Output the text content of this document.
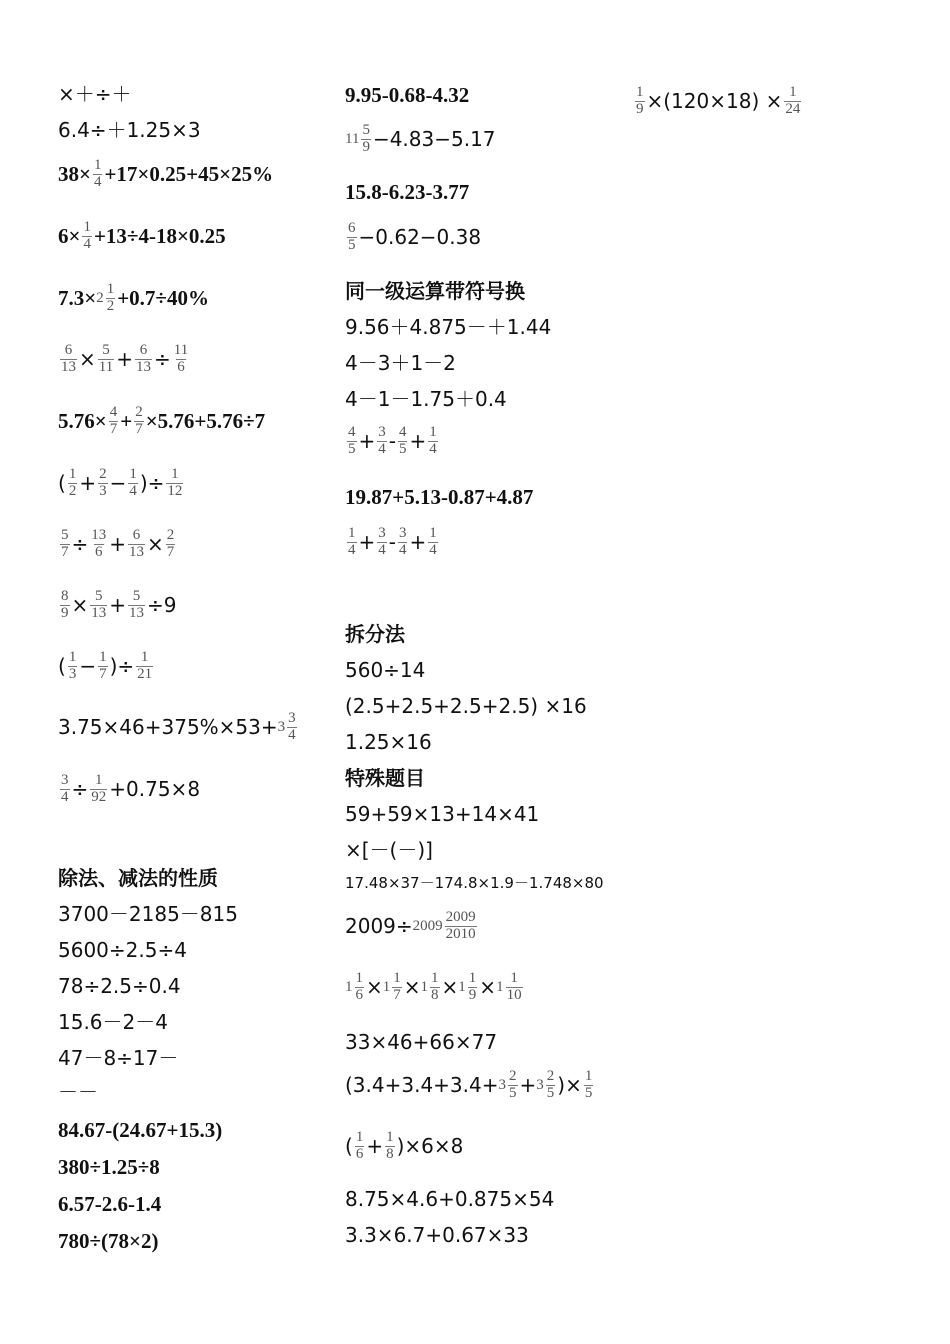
×＋÷＋
6.4÷＋1.25×3
$38\times \frac{1}{4} +17\times 0.25+45\times 25\%$
$6\times \frac{1}{4} +13\div 4-18\times 0.25$
$7.3\times 2 \frac{1}{2} +0.7\div 40\%$
$\frac{6}{13} \times \frac{5}{11} + \frac{6}{13} \div \frac{11}{6}$
$5.76\times \frac{4}{7} + \frac{2}{7} \times 5.76+5.76\div 7$
( $\frac{1}{2} + \frac{2}{3} - \frac{1}{4}$ )÷ $\frac{1}{12}$
$\frac{5}{7} \div \frac{13}{6} + \frac{6}{13} \times \frac{2}{7}$
$\frac{8}{9} \times \frac{5}{13} + \frac{5}{13} \div 9$
( $\frac{1}{3} - \frac{1}{7}$ )÷ $\frac{1}{21}$
$3.75\times 46+375\%\times 53+3 \frac{3}{4}$
$\frac{3}{4} \div \frac{1}{92} +0.75\times 8$
除法、减法的性质
3700－2185－815
5600÷2.5÷4
78÷2.5÷0.4
15.6－2－4
47－8÷17－
－－
84.67-(24.67+15.3)
380÷1.25÷8
6.57-2.6-1.4
780÷(78×2)
9.95-0.68-4.32
$11 \frac{5}{9} -4.83-5.17$
15.8-6.23-3.77
$\frac{6}{5} -0.62-0.38$
同一级运算带符号换
9.56＋4.875－＋1.44
4－3＋1－2
4－1－1.75＋0.4
$\frac{4}{5} + \frac{3}{4} - \frac{4}{5} + \frac{1}{4}$
19.87+5.13-0.87+4.87
$\frac{1}{4} + \frac{3}{4} - \frac{3}{4} + \frac{1}{4}$
拆分法
560÷14
(2.5+2.5+2.5+2.5) ×16
1.25×16
特殊题目
59+59×13+14×41
×[－(－)]
17.48×37－174.8×1.9－1.748×80
$2009\div 2009 \frac{2009}{2010}$
$1 \frac{1}{6} \times 1 \frac{1}{7} \times 1 \frac{1}{8} \times 1 \frac{1}{9} \times 1 \frac{1}{10}$
33×46+66×77
($3.4+3.4+3.4+3 \frac{2}{5} +3 \frac{2}{5}$ )× $\frac{1}{5}$
( $\frac{1}{6} + \frac{1}{8} )\times 6\times 8$
8.75×4.6+0.875×54
3.3×6.7+0.67×33
$\frac{1}{9} \times(120\times 18) \times \frac{1}{24}$
